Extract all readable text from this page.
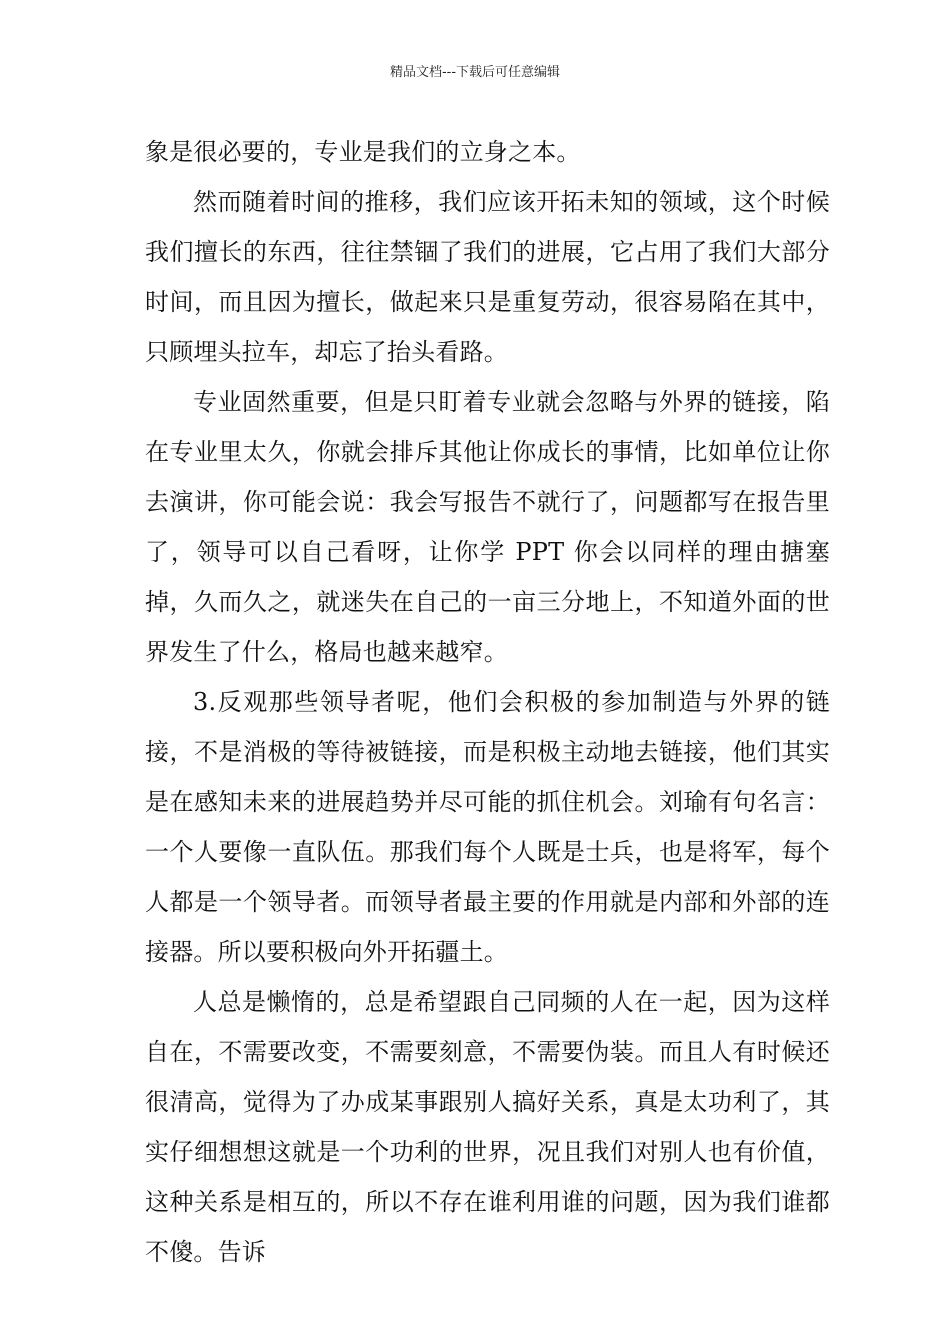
精品文档---下载后可任意编辑

象是很必要的，专业是我们的立身之本。

然而随着时间的推移，我们应该开拓未知的领域，这个时候我们擅长的东西，往往禁锢了我们的进展，它占用了我们大部分时间，而且因为擅长，做起来只是重复劳动，很容易陷在其中，只顾埋头拉车，却忘了抬头看路。

专业固然重要，但是只盯着专业就会忽略与外界的链接，陷在专业里太久，你就会排斥其他让你成长的事情，比如单位让你去演讲，你可能会说：我会写报告不就行了，问题都写在报告里了，领导可以自己看呀，让你学 PPT 你会以同样的理由搪塞掉，久而久之，就迷失在自己的一亩三分地上，不知道外面的世界发生了什么，格局也越来越窄。

3.反观那些领导者呢，他们会积极的参加制造与外界的链接，不是消极的等待被链接，而是积极主动地去链接，他们其实是在感知未来的进展趋势并尽可能的抓住机会。刘瑜有句名言：一个人要像一直队伍。那我们每个人既是士兵，也是将军，每个人都是一个领导者。而领导者最主要的作用就是内部和外部的连接器。所以要积极向外开拓疆土。

人总是懒惰的，总是希望跟自己同频的人在一起，因为这样自在，不需要改变，不需要刻意，不需要伪装。而且人有时候还很清高，觉得为了办成某事跟别人搞好关系，真是太功利了，其实仔细想想这就是一个功利的世界，况且我们对别人也有价值，这种关系是相互的，所以不存在谁利用谁的问题，因为我们谁都不傻。告诉
